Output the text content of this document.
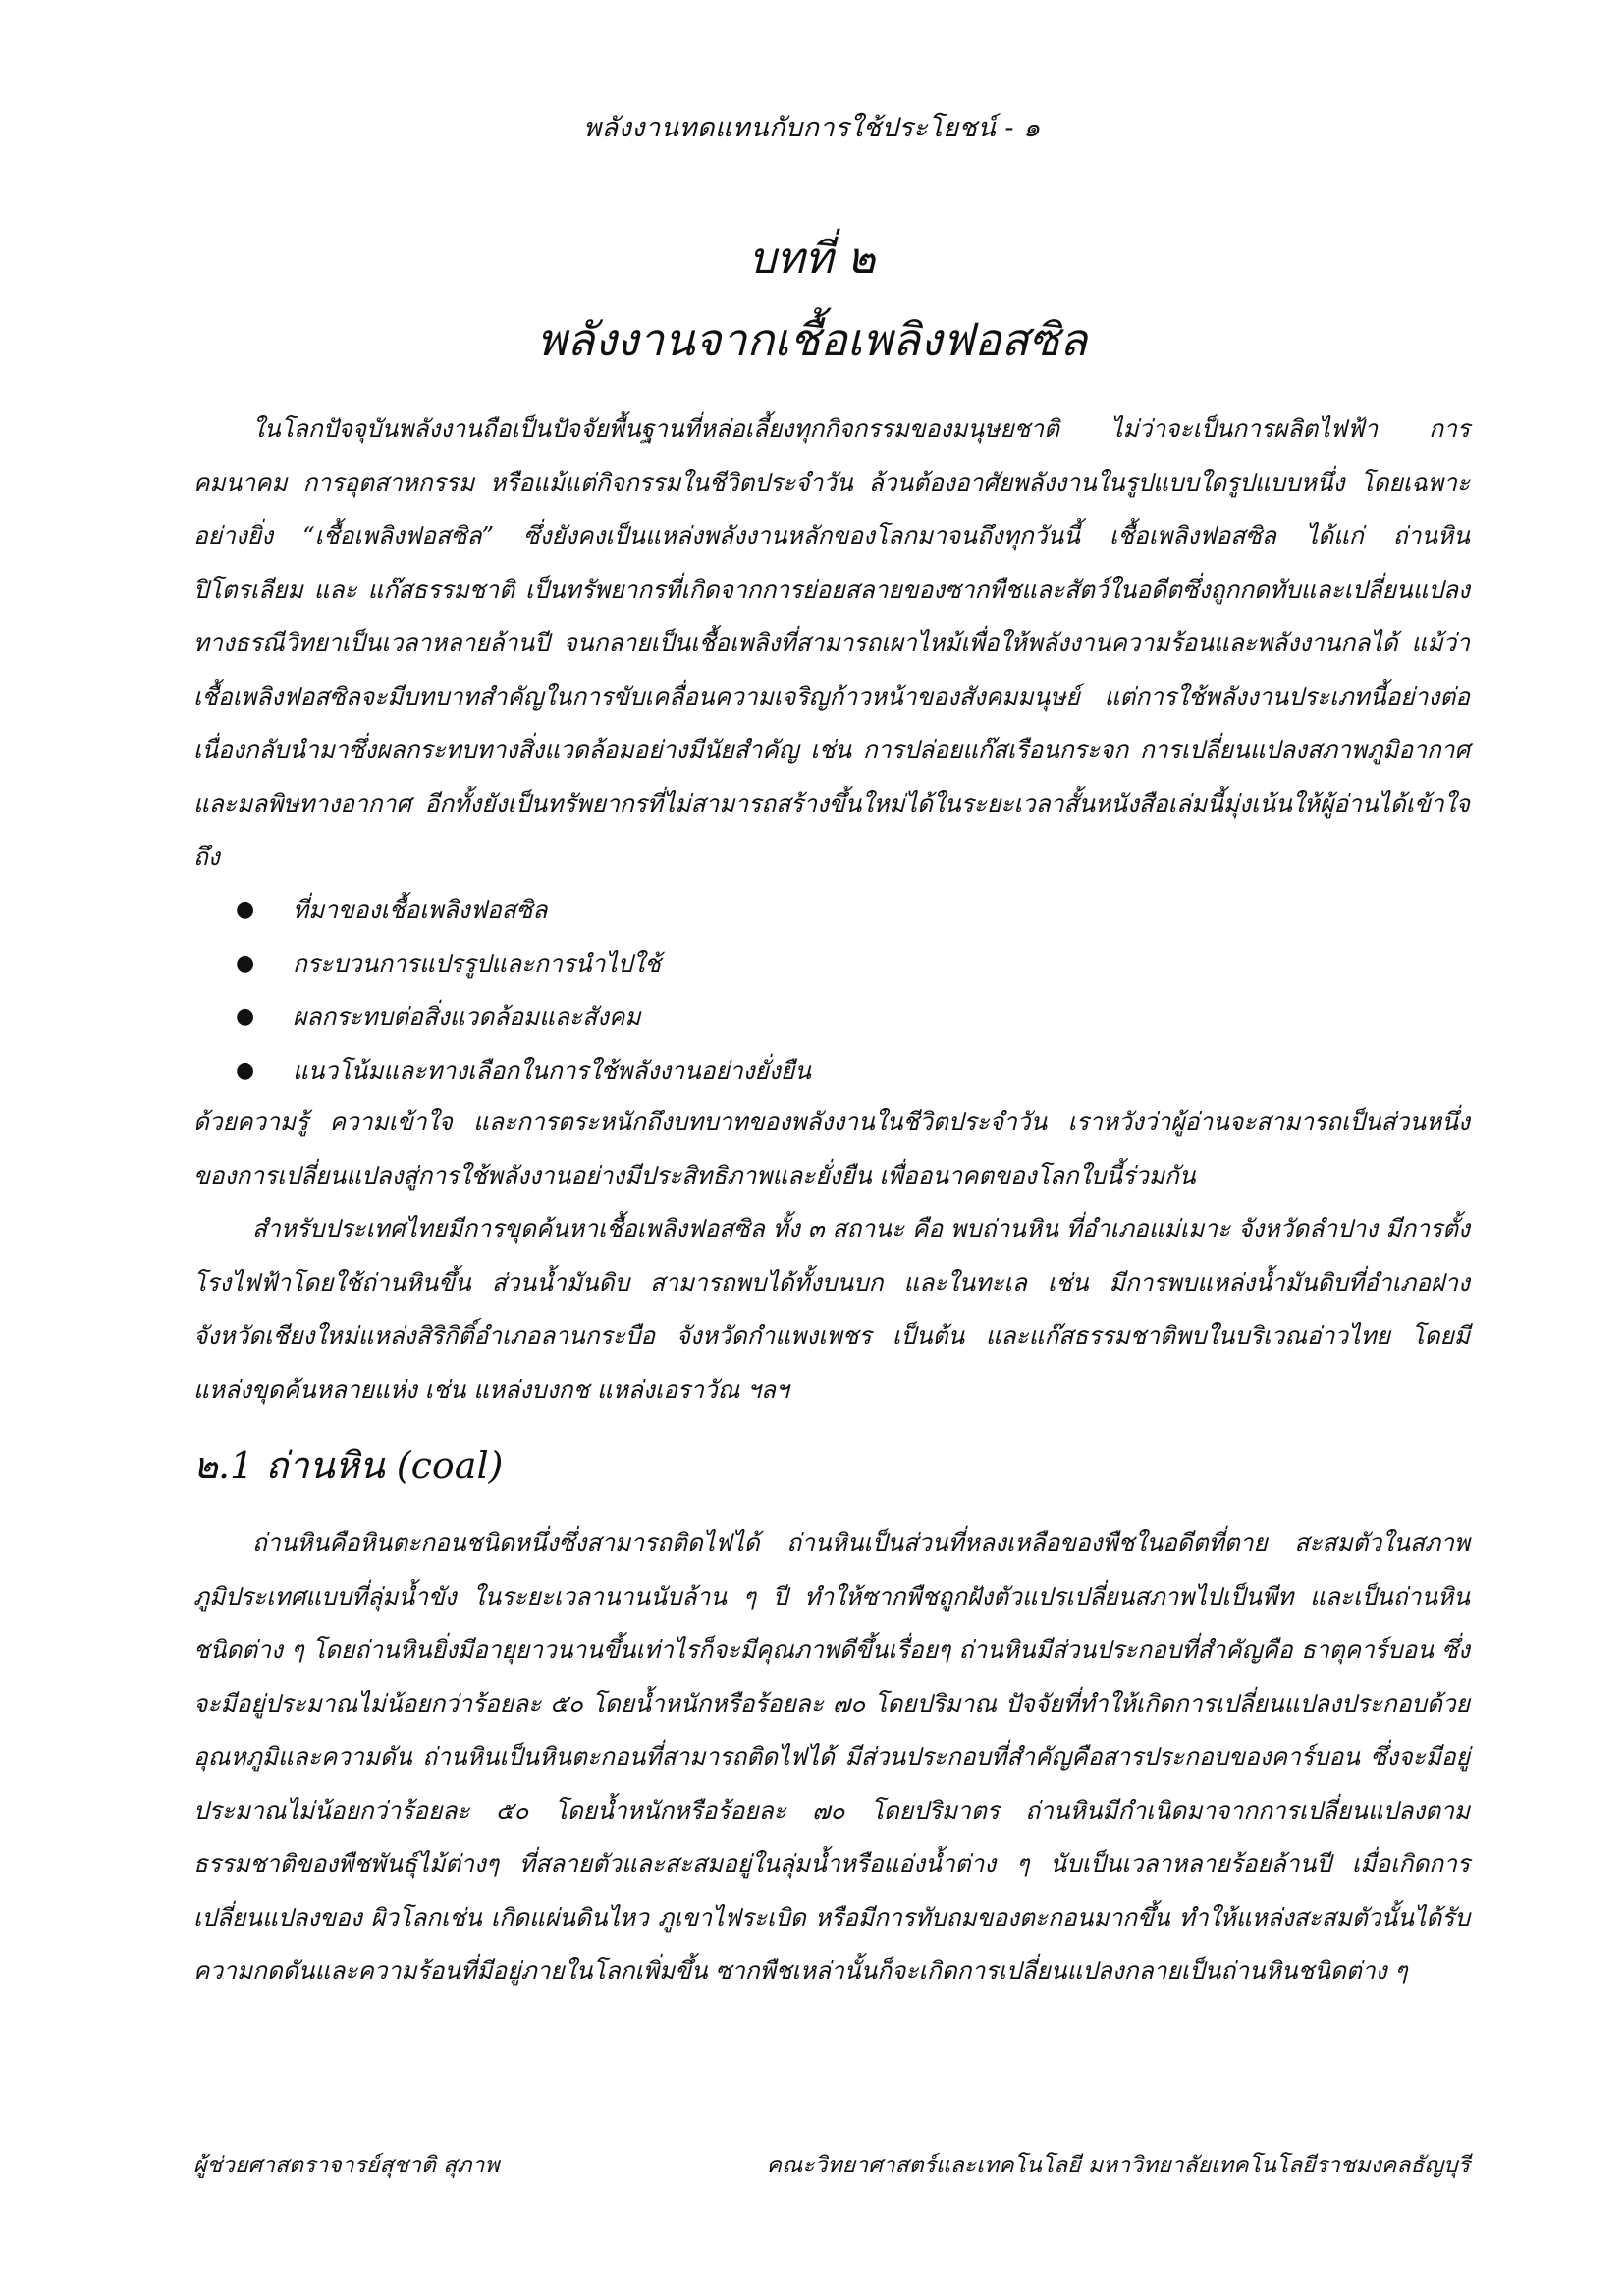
พลังงานทดแทนกับการใช้ประโยชน์ - ๑
บทที่ ๒
พลังงานจากเชื้อเพลิงฟอสซิล

ในโลกปัจจุบันพลังงานถือเป็นปัจจัยพื้นฐานที่หล่อเลี้ยงทุกกิจกรรมของมนุษยชาติ ไม่ว่าจะเป็นการผลิตไฟฟ้า การคมนาคม การอุตสาหกรรม หรือแม้แต่กิจกรรมในชีวิตประจำวัน ล้วนต้องอาศัยพลังงานในรูปแบบใดรูปแบบหนึ่ง โดยเฉพาะอย่างยิ่ง “เชื้อเพลิงฟอสซิล” ซึ่งยังคงเป็นแหล่งพลังงานหลักของโลกมาจนถึงทุกวันนี้ เชื้อเพลิงฟอสซิล ได้แก่ ถ่านหิน ปิโตรเลียม และ แก๊สธรรมชาติ เป็นทรัพยากรที่เกิดจากการย่อยสลายของซากพืชและสัตว์ในอดีตซึ่งถูกกดทับและเปลี่ยนแปลงทางธรณีวิทยาเป็นเวลาหลายล้านปี จนกลายเป็นเชื้อเพลิงที่สามารถเผาไหม้เพื่อให้พลังงานความร้อนและพลังงานกลได้ แม้ว่าเชื้อเพลิงฟอสซิลจะมีบทบาทสำคัญในการขับเคลื่อนความเจริญก้าวหน้าของสังคมมนุษย์ แต่การใช้พลังงานประเภทนี้อย่างต่อเนื่องกลับนำมาซึ่งผลกระทบทางสิ่งแวดล้อมอย่างมีนัยสำคัญ เช่น การปล่อยแก๊สเรือนกระจก การเปลี่ยนแปลงสภาพภูมิอากาศ และมลพิษทางอากาศ อีกทั้งยังเป็นทรัพยากรที่ไม่สามารถสร้างขึ้นใหม่ได้ในระยะเวลาสั้นหนังสือเล่มนี้มุ่งเน้นให้ผู้อ่านได้เข้าใจถึง

● ที่มาของเชื้อเพลิงฟอสซิล
● กระบวนการแปรรูปและการนำไปใช้
● ผลกระทบต่อสิ่งแวดล้อมและสังคม
● แนวโน้มและทางเลือกในการใช้พลังงานอย่างยั่งยืน

ด้วยความรู้ ความเข้าใจ และการตระหนักถึงบทบาทของพลังงานในชีวิตประจำวัน เราหวังว่าผู้อ่านจะสามารถเป็นส่วนหนึ่งของการเปลี่ยนแปลงสู่การใช้พลังงานอย่างมีประสิทธิภาพและยั่งยืน เพื่ออนาคตของโลกใบนี้ร่วมกัน

สำหรับประเทศไทยมีการขุดค้นหาเชื้อเพลิงฟอสซิล ทั้ง ๓ สถานะ คือ พบถ่านหิน ที่อำเภอแม่เมาะ จังหวัดลำปาง มีการตั้งโรงไฟฟ้าโดยใช้ถ่านหินขึ้น ส่วนน้ำมันดิบ สามารถพบได้ทั้งบนบก และในทะเล เช่น มีการพบแหล่งน้ำมันดิบที่อำเภอฝาง จังหวัดเชียงใหม่แหล่งสิริกิติ์อำเภอลานกระบือ จังหวัดกำแพงเพชร เป็นต้น และแก๊สธรรมชาติพบในบริเวณอ่าวไทย โดยมีแหล่งขุดค้นหลายแห่ง เช่น แหล่งบงกช แหล่งเอราวัณ ฯลฯ

๒.1 ถ่านหิน (coal)

ถ่านหินคือหินตะกอนชนิดหนึ่งซึ่งสามารถติดไฟได้ ถ่านหินเป็นส่วนที่หลงเหลือของพืชในอดีตที่ตาย สะสมตัวในสภาพภูมิประเทศแบบที่ลุ่มน้ำขัง ในระยะเวลานานนับล้าน ๆ ปี ทำให้ซากพืชถูกฝังตัวแปรเปลี่ยนสภาพไปเป็นพีท และเป็นถ่านหินชนิดต่าง ๆ โดยถ่านหินยิ่งมีอายุยาวนานขึ้นเท่าไรก็จะมีคุณภาพดีขึ้นเรื่อยๆ ถ่านหินมีส่วนประกอบที่สำคัญคือ ธาตุคาร์บอน ซึ่งจะมีอยู่ประมาณไม่น้อยกว่าร้อยละ ๕๐ โดยน้ำหนักหรือร้อยละ ๗๐ โดยปริมาณ ปัจจัยที่ทำให้เกิดการเปลี่ยนแปลงประกอบด้วยอุณหภูมิและความดัน ถ่านหินเป็นหินตะกอนที่สามารถติดไฟได้ มีส่วนประกอบที่สำคัญคือสารประกอบของคาร์บอน ซึ่งจะมีอยู่ประมาณไม่น้อยกว่าร้อยละ ๕๐ โดยน้ำหนักหรือร้อยละ ๗๐ โดยปริมาตร ถ่านหินมีกำเนิดมาจากการเปลี่ยนแปลงตามธรรมชาติของพืชพันธุ์ไม้ต่างๆ ที่สลายตัวและสะสมอยู่ในลุ่มน้ำหรือแอ่งน้ำต่าง ๆ นับเป็นเวลาหลายร้อยล้านปี เมื่อเกิดการเปลี่ยนแปลงของ ผิวโลกเช่น เกิดแผ่นดินไหว ภูเขาไฟระเบิด หรือมีการทับถมของตะกอนมากขึ้น ทำให้แหล่งสะสมตัวนั้นได้รับความกดดันและความร้อนที่มีอยู่ภายในโลกเพิ่มขึ้น ซากพืชเหล่านั้นก็จะเกิดการเปลี่ยนแปลงกลายเป็นถ่านหินชนิดต่าง ๆ

ผู้ช่วยศาสตราจารย์สุชาติ สุภาพ	คณะวิทยาศาสตร์และเทคโนโลยี มหาวิทยาลัยเทคโนโลยีราชมงคลธัญบุรี
